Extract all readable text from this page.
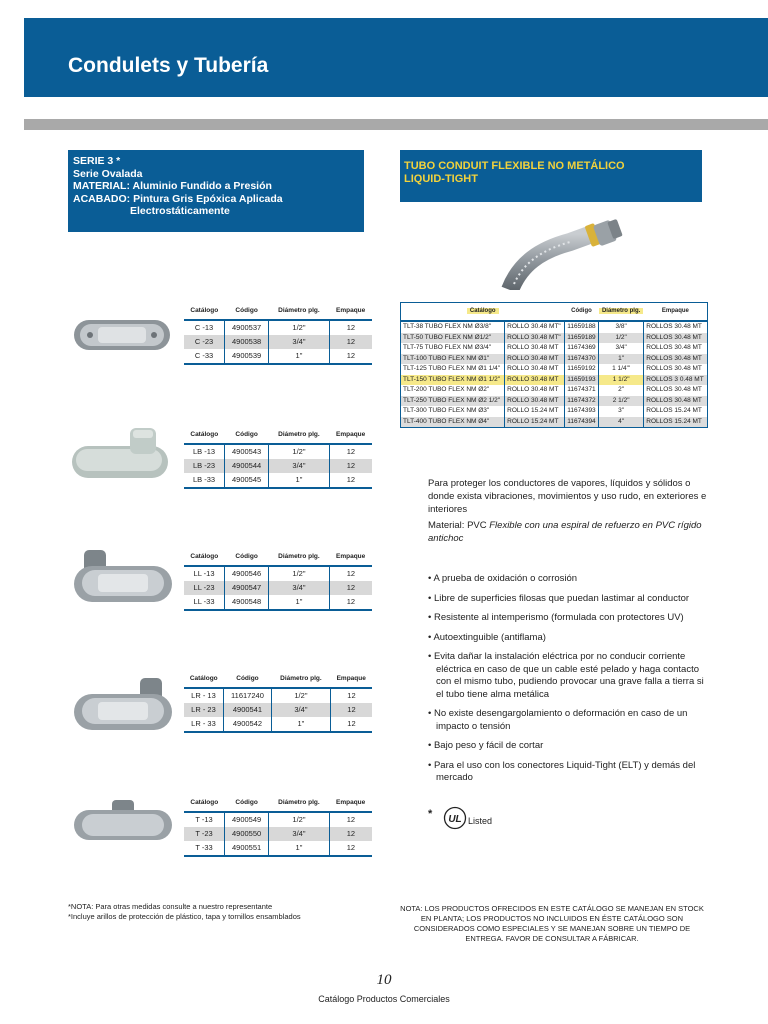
Condulets y Tubería
SERIE 3 *
Serie Ovalada
MATERIAL: Aluminio Fundido a Presión
ACABADO: Pintura Gris Epóxica Aplicada
Electrostáticamente
TUBO CONDUIT FLEXIBLE NO METÁLICO
LIQUID-TIGHT
Catálogo	Código	Diámetro plg.	Empaque
C -13	4900537	1/2"	12
C -23	4900538	3/4"	12
C -33	4900539	1"	12
Catálogo	Código	Diámetro plg.	Empaque
LB -13	4900543	1/2"	12
LB -23	4900544	3/4"	12
LB -33	4900545	1"	12
Catálogo	Código	Diámetro plg.	Empaque
LL -13	4900546	1/2"	12
LL -23	4900547	3/4"	12
LL -33	4900548	1"	12
Catálogo	Código	Diámetro plg.	Empaque
LR - 13	11617240	1/2"	12
LR - 23	4900541	3/4"	12
LR - 33	4900542	1"	12
Catálogo	Código	Diámetro plg.	Empaque
T -13	4900549	1/2"	12
T -23	4900550	3/4"	12
T -33	4900551	1"	12
Catálogo		Código	Diámetro plg.	Empaque
TLT-38 TUBO FLEX NM Ø3/8"	ROLLO 30.48 MT"	11659188	3/8"	ROLLOS 30.48 MT
TLT-50 TUBO FLEX NM Ø1/2"	ROLLO 30.48 MT"	11659189	1/2"	ROLLOS 30.48 MT
TLT-75 TUBO FLEX NM Ø3/4"	ROLLO 30.48 MT	11674369	3/4"	ROLLOS 30.48 MT
TLT-100 TUBO FLEX NM Ø1"	ROLLO 30.48 MT	11674370	1"	ROLLOS 30.48 MT
TLT-125 TUBO FLEX NM Ø1 1/4"	ROLLO 30.48 MT	11659192	1 1/4"'	ROLLOS 30.48 MT
TLT-150 TUBO FLEX NM Ø1 1/2"	ROLLO 30.48 MT	11659193	1 1/2"	ROLLOS 3 0.48 MT
TLT-200 TUBO FLEX NM Ø2"	ROLLO 30.48 MT	11674371	2"	ROLLOS 30.48 MT
TLT-250 TUBO FLEX NM Ø2 1/2"	ROLLO 30.48 MT	11674372	2 1/2"	ROLLOS 30.48 MT
TLT-300 TUBO FLEX NM Ø3"	ROLLO 15.24 MT	11674393	3"	ROLLOS 15.24 MT
TLT-400 TUBO FLEX NM Ø4"	ROLLO 15.24 MT	11674394	4"	ROLLOS 15.24 MT
Para proteger los conductores de vapores, líquidos y sólidos o donde exista vibraciones, movimientos y uso rudo, en exteriores e interiores
Material: PVC Flexible con una espiral de refuerzo en PVC rígido antichoc
• A prueba de oxidación o corrosión
• Libre de superficies filosas que puedan lastimar al conductor
• Resistente al intemperismo (formulada con protectores UV)
• Autoextinguible (antiflama)
• Evita dañar la instalación eléctrica por no conducir corriente eléctrica en caso de que un cable esté pelado y haga contacto con el mismo tubo, pudiendo provocar una grave falla a tierra si el tubo tiene alma metálica
• No existe desengargolamiento o deformación en caso de un impacto o tensión
• Bajo peso y fácil de cortar
• Para el uso con los conectores Liquid-Tight (ELT) y demás del mercado
* UL Listed
*NOTA: Para otras medidas consulte a nuestro representante
*Incluye arillos de protección de plástico, tapa y tornillos ensamblados
NOTA: LOS PRODUCTOS OFRECIDOS EN ESTE CATÁLOGO SE MANEJAN EN STOCK EN PLANTA; LOS PRODUCTOS NO INCLUIDOS EN ÉSTE CATÁLOGO SON CONSIDERADOS COMO ESPECIALES Y SE MANEJAN SOBRE UN TIEMPO DE ENTREGA. FAVOR DE CONSULTAR A FÁBRICAR.
10
Catálogo Productos Comerciales
